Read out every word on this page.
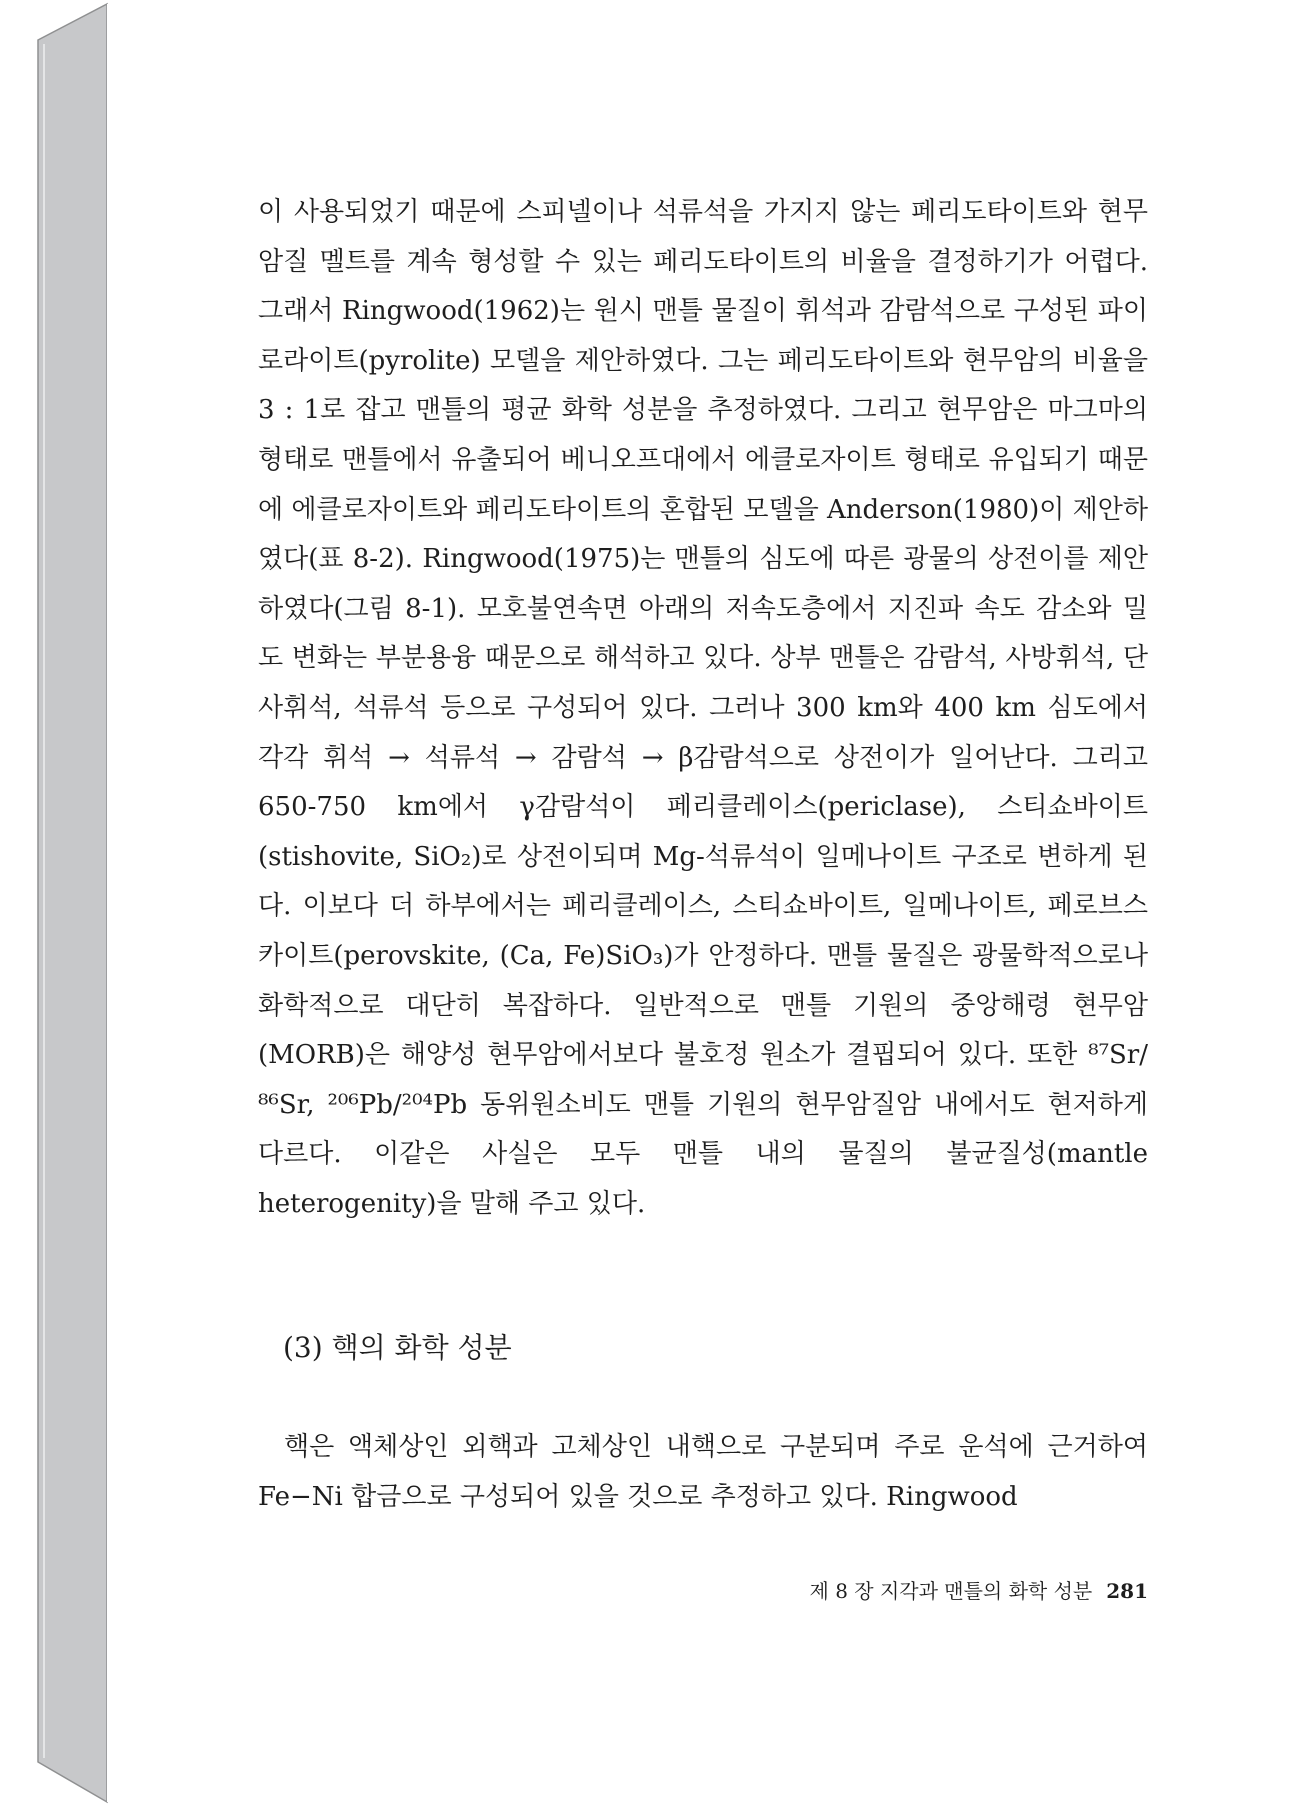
이 사용되었기 때문에 스피넬이나 석류석을 가지지 않는 페리도타이트와 현무암질 멜트를 계속 형성할 수 있는 페리도타이트의 비율을 결정하기가 어렵다. 그래서 Ringwood(1962)는 원시 맨틀 물질이 휘석과 감람석으로 구성된 파이로라이트(pyrolite) 모델을 제안하였다. 그는 페리도타이트와 현무암의 비율을 3 : 1로 잡고 맨틀의 평균 화학 성분을 추정하였다. 그리고 현무암은 마그마의 형태로 맨틀에서 유출되어 베니오프대에서 에클로자이트 형태로 유입되기 때문에 에클로자이트와 페리도타이트의 혼합된 모델을 Anderson(1980)이 제안하였다(표 8-2). Ringwood(1975)는 맨틀의 심도에 따른 광물의 상전이를 제안하였다(그림 8-1). 모호불연속면 아래의 저속도층에서 지진파 속도 감소와 밀도 변화는 부분용융 때문으로 해석하고 있다. 상부 맨틀은 감람석, 사방휘석, 단사휘석, 석류석 등으로 구성되어 있다. 그러나 300 km와 400 km 심도에서 각각 휘석 → 석류석 → 감람석 → β감람석으로 상전이가 일어난다. 그리고 650-750 km에서 γ감람석이 페리클레이스(periclase), 스티쇼바이트(stishovite, SiO₂)로 상전이되며 Mg-석류석이 일메나이트 구조로 변하게 된다. 이보다 더 하부에서는 페리클레이스, 스티쇼바이트, 일메나이트, 페로브스카이트(perovskite, (Ca, Fe)SiO₃)가 안정하다. 맨틀 물질은 광물학적으로나 화학적으로 대단히 복잡하다. 일반적으로 맨틀 기원의 중앙해령 현무암(MORB)은 해양성 현무암에서보다 불호정 원소가 결핍되어 있다. 또한 ⁸⁷Sr/⁸⁶Sr, ²⁰⁶Pb/²⁰⁴Pb 동위원소비도 맨틀 기원의 현무암질암 내에서도 현저하게 다르다. 이같은 사실은 모두 맨틀 내의 물질의 불균질성(mantle heterogenity)을 말해 주고 있다.

(3) 핵의 화학 성분

핵은 액체상인 외핵과 고체상인 내핵으로 구분되며 주로 운석에 근거하여 Fe−Ni 합금으로 구성되어 있을 것으로 추정하고 있다. Ringwood

제 8 장 지각과 맨틀의 화학 성분 281
